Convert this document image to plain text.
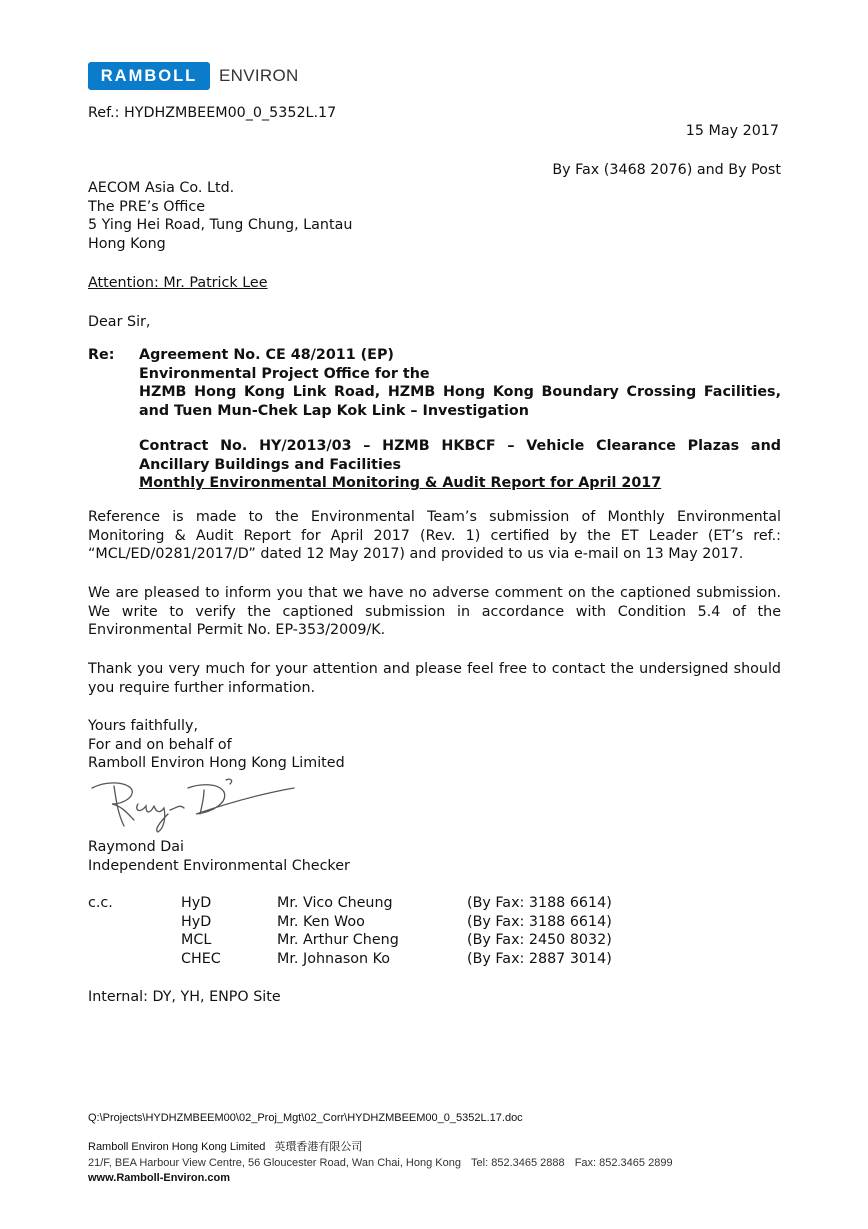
RAMBOLL	ENVIRON
Ref.: HYDHZMBEEM00_0_5352L.17
15 May 2017
By Fax (3468 2076) and By Post
AECOM Asia Co. Ltd.
The PRE’s Office
5 Ying Hei Road, Tung Chung, Lantau
Hong Kong
Attention: Mr. Patrick Lee
Dear Sir,
Re: Agreement No. CE 48/2011 (EP)
Environmental Project Office for the
HZMB Hong Kong Link Road, HZMB Hong Kong Boundary Crossing Facilities, and Tuen Mun-Chek Lap Kok Link – Investigation
Contract No. HY/2013/03 – HZMB HKBCF – Vehicle Clearance Plazas and Ancillary Buildings and Facilities
Monthly Environmental Monitoring & Audit Report for April 2017
Reference is made to the Environmental Team’s submission of Monthly Environmental Monitoring & Audit Report for April 2017 (Rev. 1) certified by the ET Leader (ET’s ref.: “MCL/ED/0281/2017/D” dated 12 May 2017) and provided to us via e-mail on 13 May 2017.
We are pleased to inform you that we have no adverse comment on the captioned submission. We write to verify the captioned submission in accordance with Condition 5.4 of the Environmental Permit No. EP-353/2009/K.
Thank you very much for your attention and please feel free to contact the undersigned should you require further information.
Yours faithfully,
For and on behalf of
Ramboll Environ Hong Kong Limited
Raymond Dai
Independent Environmental Checker
c.c.	HyD
HyD
MCL
CHEC
Mr. Vico Cheung
Mr. Ken Woo
Mr. Arthur Cheng
Mr. Johnason Ko
(By Fax: 3188 6614)
(By Fax: 3188 6614)
(By Fax: 2450 8032)
(By Fax: 2887 3014)
Internal: DY, YH, ENPO Site
Q:\Projects\HYDHZMBEEM00\02_Proj_Mgt\02_Corr\HYDHZMBEEM00_0_5352L.17.doc
Ramboll Environ Hong Kong Limited 英環香港有限公司
21/F, BEA Harbour View Centre, 56 Gloucester Road, Wan Chai, Hong Kong Tel: 852.3465 2888 Fax: 852.3465 2899
www.Ramboll-Environ.com
